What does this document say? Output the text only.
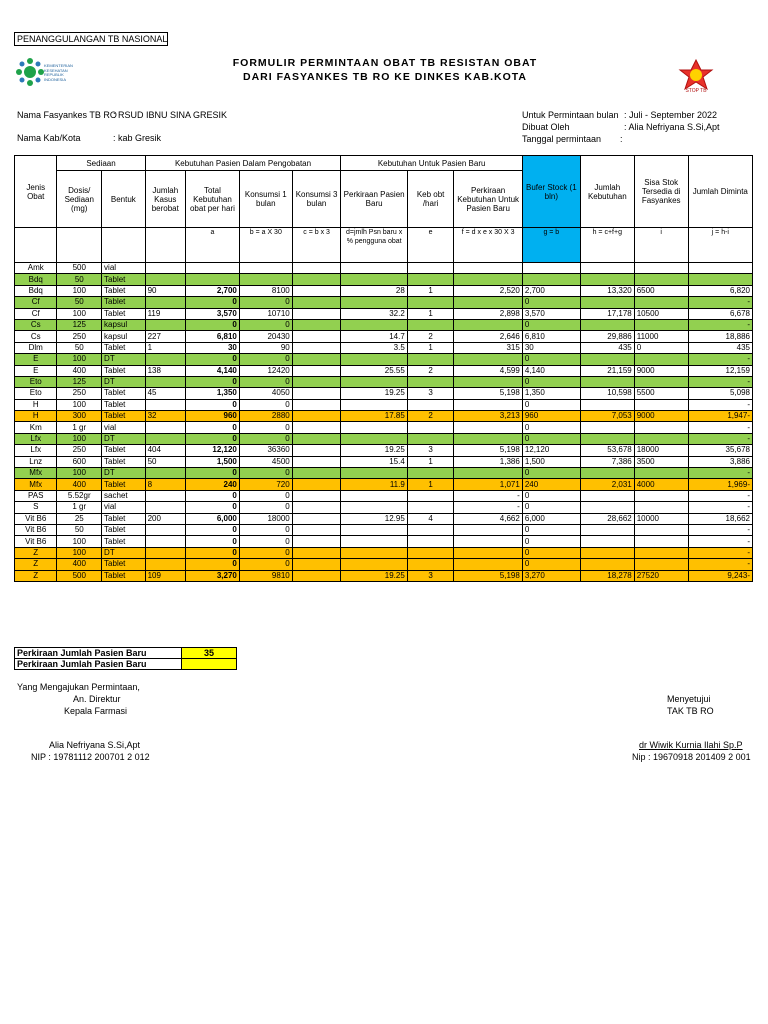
PENANGGULANGAN TB NASIONAL
KEMENTERIAN KESEHATAN REPUBLIK INDONESIA
FORMULIR PERMINTAAN OBAT TB RESISTAN OBAT
DARI FASYANKES TB RO KE DINKES KAB.KOTA
STOP TB
Nama Fasyankes TB RO
: RSUD IBNU SINA GRESIK
Nama Kab/Kota	: kab Gresik
Untuk Permintaan bulan : Juli - September 2022
Dibuat Oleh	: Alia Nefriyana S.Si,Apt
Tanggal permintaan :
Jenis Obat	Sediaan		Kebutuhan Pasien Dalam Pengobatan				Kebutuhan Untuk Pasien Baru			Bufer Stock (1 bln)	Jumlah Kebutuhan	Sisa Stok Tersedia di Fasyankes	Jumlah Diminta
	Dosis/ Sediaan (mg)	Bentuk	Jumlah Kasus berobat	Total Kebutuhan obat per hari	Konsumsi 1 bulan	Konsumsi 3 bulan	Perkiraan Pasien Baru	Keb obt /hari	Perkiraan Kebutuhan Untuk Pasien Baru				
				a	b = a X 30	c = b x 3	d=jmlh Psn baru x % pengguna obat	e	f = d x e x 30 X 3	g = b	h = c+f+g	i	j = h-i
Amk	500	vial											
Bdq	50	Tablet											
Bdq	100	Tablet	90	2,700	8100		28	1	2,520	2,700	13,320	6500	6,820
Cf	50	Tablet		0	0					0			-
Cf	100	Tablet	119	3,570	10710		32.2	1	2,898	3,570	17,178	10500	6,678
Cs	125	kapsul		0	0					0			-
Cs	250	kapsul	227	6,810	20430		14.7	2	2,646	6,810	29,886	11000	18,886
Dlm	50	Tablet	1	30	90		3.5	1	315	30	435	0	435
E	100	DT		0	0					0			-
E	400	Tablet	138	4,140	12420		25.55	2	4,599	4,140	21,159	9000	12,159
Eto	125	DT		0	0					0			-
Eto	250	Tablet	45	1,350	4050		19.25	3	5,198	1,350	10,598	5500	5,098
H	100	Tablet		0	0					0			-
H	300	Tablet	32	960	2880		17.85	2	3,213	960	7,053	9000	1,947-
Km	1 gr	vial		0	0					0			-
Lfx	100	DT		0	0					0			-
Lfx	250	Tablet	404	12,120	36360		19.25	3	5,198	12,120	53,678	18000	35,678
Lnz	600	Tablet	50	1,500	4500		15.4	1	1,386	1,500	7,386	3500	3,886
Mfx	100	DT		0	0					0			-
Mfx	400	Tablet	8	240	720		11.9	1	1,071	240	2,031	4000	1,969-
PAS	5.52gr	sachet		0	0				-	0			-
S	1 gr	vial		0	0				-	0			-
Vit B6	25	Tablet	200	6,000	18000		12.95	4	4,662	6,000	28,662	10000	18,662
Vit B6	50	Tablet		0	0					0			-
Vit B6	100	Tablet		0	0					0			-
Z	100	DT		0	0					0			-
Z	400	Tablet		0	0					0			-
Z	500	Tablet	109	3,270	9810		19.25	3	5,198	3,270	18,278	27520	9,243-
Perkiraan Jumlah Pasien Baru	35
Perkiraan Jumlah Pasien Baru	
Yang Mengajukan Permintaan,
An. Direktur
Kepala Farmasi
Alia Nefriyana S.Si,Apt
NIP : 19781112 200701 2 012
Menyetujui
TAK TB RO
dr Wiwik Kurnia Ilahi Sp.P
Nip : 19670918 201409 2 001
